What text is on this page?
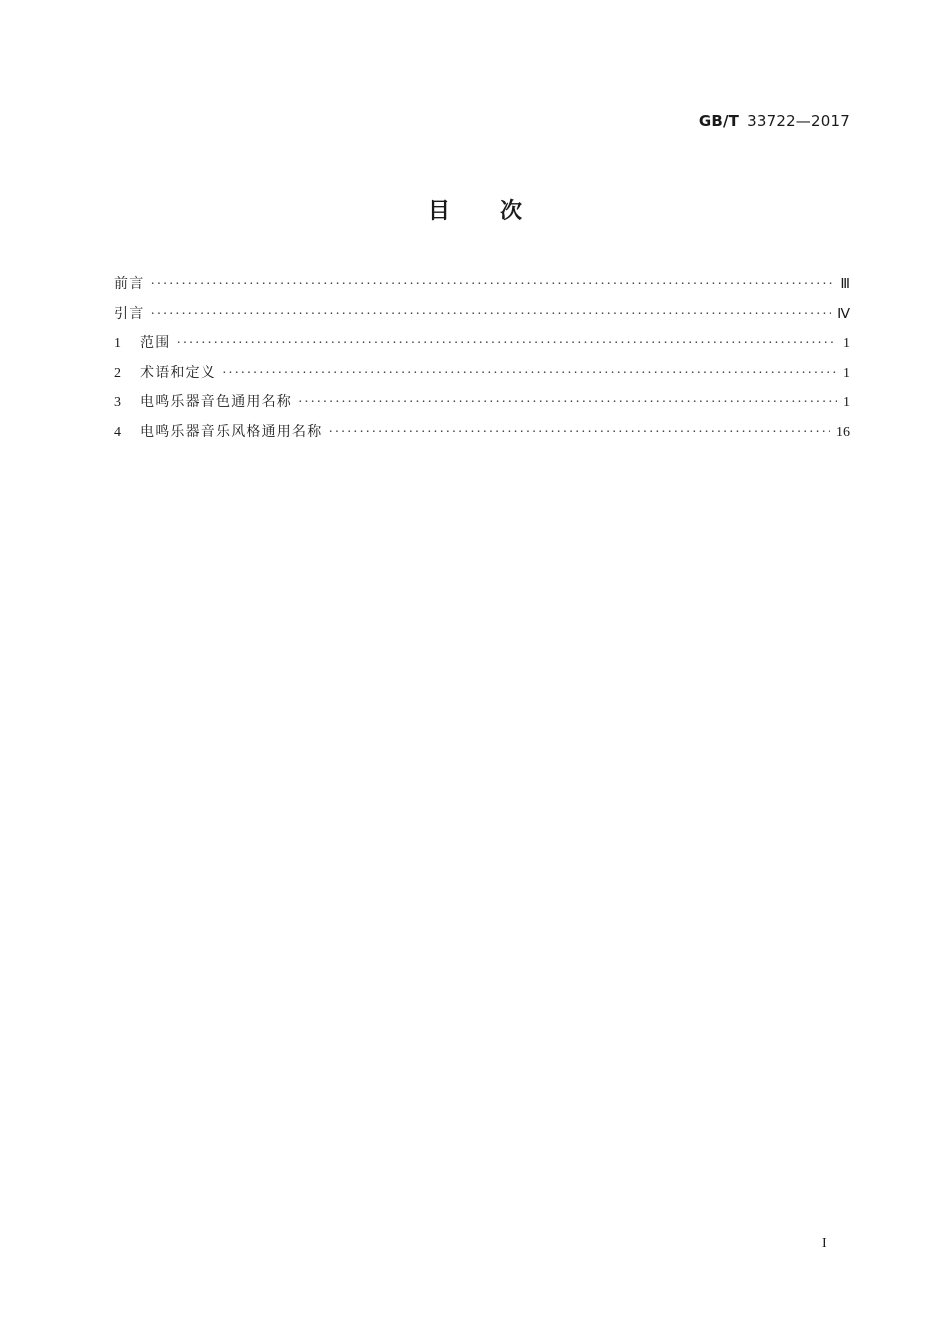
GB/T 33722—2017
目次
前言 ·····	Ⅲ
引言 ·····	Ⅳ
1	范围 ·····	1
2	术语和定义 ·····	1
3	电鸣乐器音色通用名称 ·····	1
4	电鸣乐器音乐风格通用名称 ·····	16
I
